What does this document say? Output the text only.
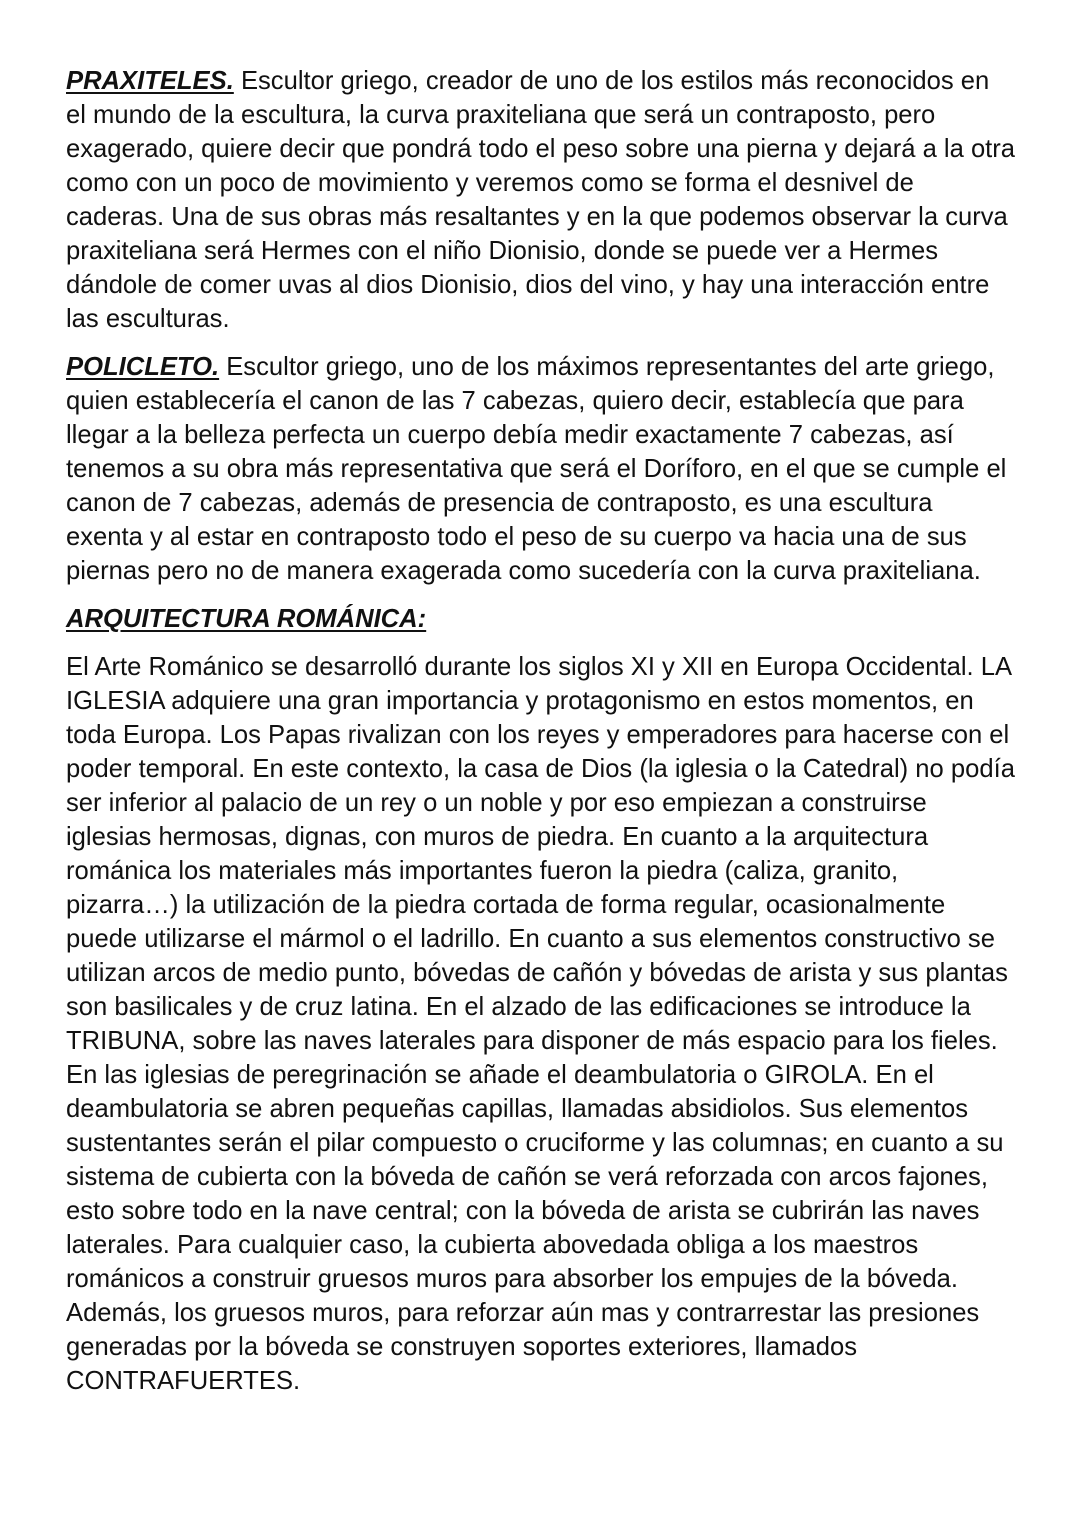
PRAXITELES. Escultor griego, creador de uno de los estilos más reconocidos en el mundo de la escultura, la curva praxiteliana que será un contraposto, pero exagerado, quiere decir que pondrá todo el peso sobre una pierna y dejará a la otra como con un poco de movimiento y veremos como se forma el desnivel de caderas. Una de sus obras más resaltantes y en la que podemos observar la curva praxiteliana será Hermes con el niño Dionisio, donde se puede ver a Hermes dándole de comer uvas al dios Dionisio, dios del vino, y hay una interacción entre las esculturas.

POLICLETO. Escultor griego, uno de los máximos representantes del arte griego, quien establecería el canon de las 7 cabezas, quiero decir, establecía que para llegar a la belleza perfecta un cuerpo debía medir exactamente 7 cabezas, así tenemos a su obra más representativa que será el Doríforo, en el que se cumple el canon de 7 cabezas, además de presencia de contraposto, es una escultura exenta y al estar en contraposto todo el peso de su cuerpo va hacia una de sus piernas pero no de manera exagerada como sucedería con la curva praxiteliana.

ARQUITECTURA ROMÁNICA:

El Arte Románico se desarrolló durante los siglos XI y XII en Europa Occidental. LA IGLESIA adquiere una gran importancia y protagonismo en estos momentos, en toda Europa. Los Papas rivalizan con los reyes y emperadores para hacerse con el poder temporal. En este contexto, la casa de Dios (la iglesia o la Catedral) no podía ser inferior al palacio de un rey o un noble y por eso empiezan a construirse iglesias hermosas, dignas, con muros de piedra. En cuanto a la arquitectura románica los materiales más importantes fueron la piedra (caliza, granito, pizarra…) la utilización de la piedra cortada de forma regular, ocasionalmente puede utilizarse el mármol o el ladrillo. En cuanto a sus elementos constructivo se utilizan arcos de medio punto, bóvedas de cañón y bóvedas de arista y sus plantas son basilicales y de cruz latina. En el alzado de las edificaciones se introduce la TRIBUNA, sobre las naves laterales para disponer de más espacio para los fieles. En las iglesias de peregrinación se añade el deambulatoria o GIROLA. En el deambulatoria se abren pequeñas capillas, llamadas absidiolos. Sus elementos sustentantes serán el pilar compuesto o cruciforme y las columnas; en cuanto a su sistema de cubierta con la bóveda de cañón se verá reforzada con arcos fajones, esto sobre todo en la nave central; con la bóveda de arista se cubrirán las naves laterales. Para cualquier caso, la cubierta abovedada obliga a los maestros románicos a construir gruesos muros para absorber los empujes de la bóveda. Además, los gruesos muros, para reforzar aún mas y contrarrestar las presiones generadas por la bóveda se construyen soportes exteriores, llamados CONTRAFUERTES.
